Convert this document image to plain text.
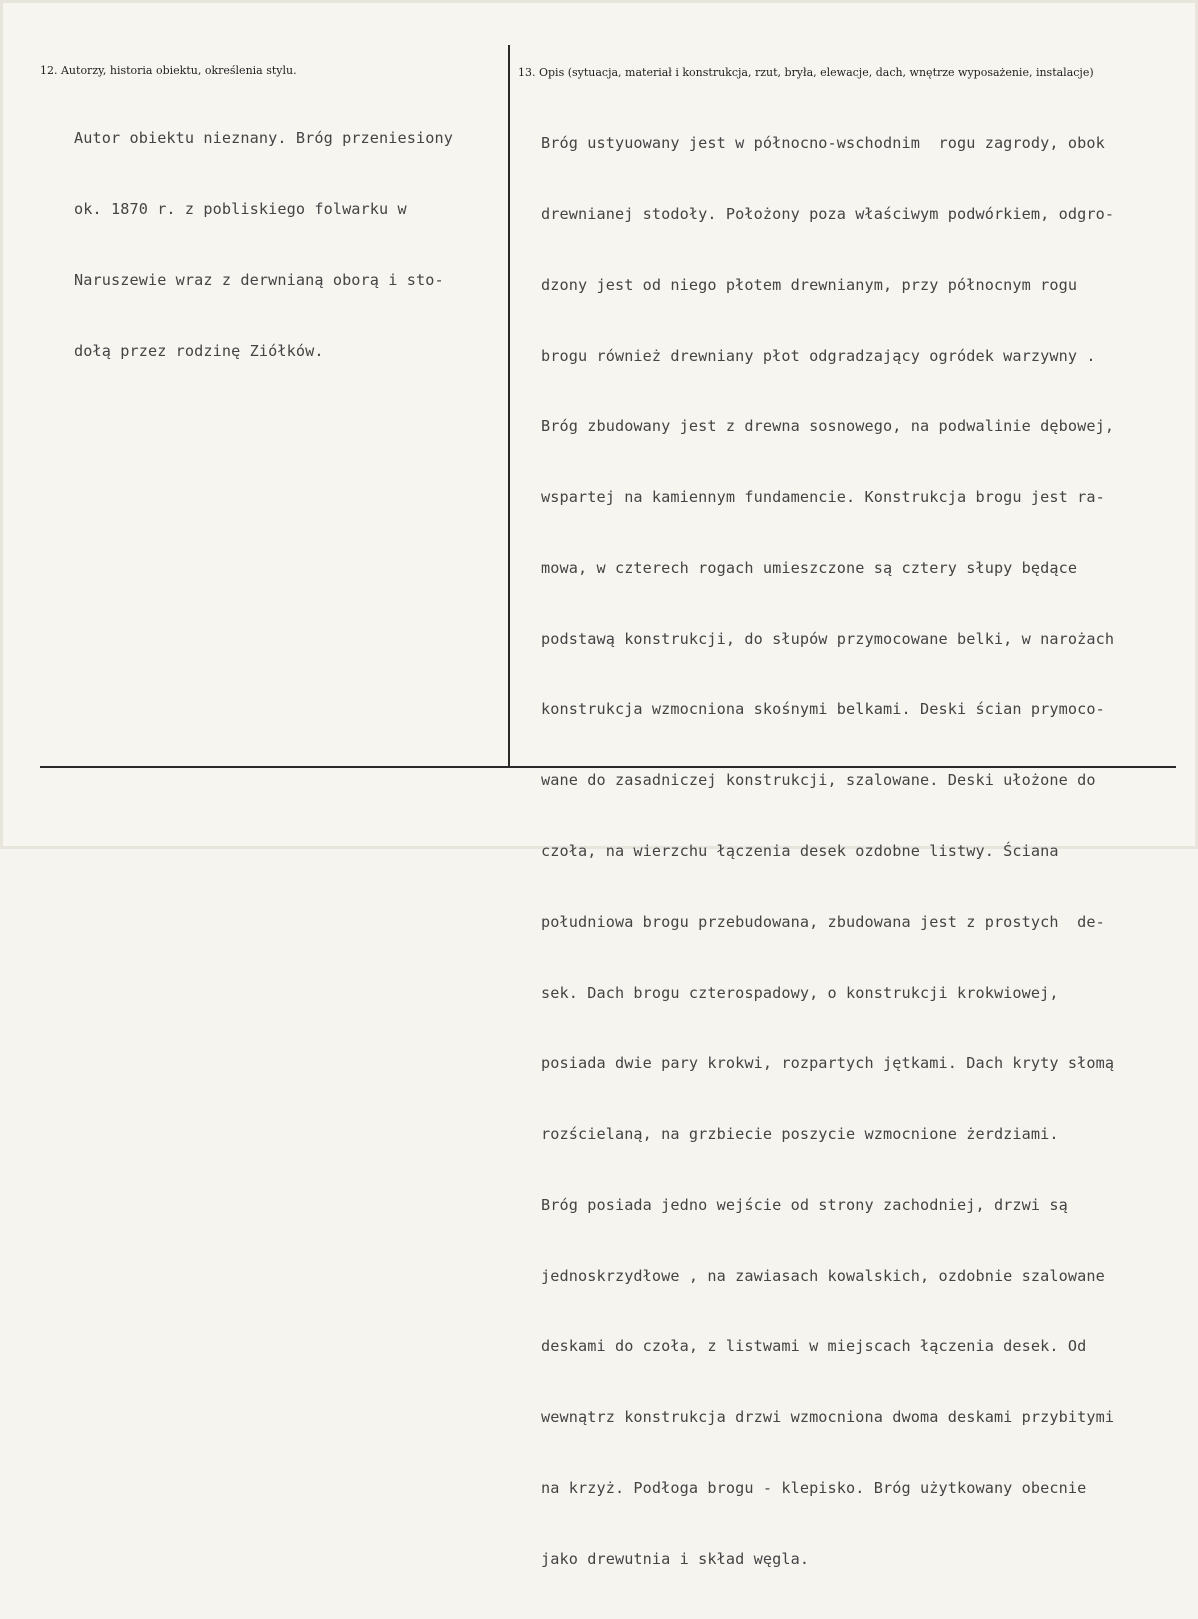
12. Autorzy, historia obiektu, określenia stylu.

Autor obiektu nieznany. Bróg przeniesiony

ok. 1870 r. z pobliskiego folwarku w

Naruszewie wraz z derwnianą oborą i sto-

dołą przez rodzinę Ziółków.

13. Opis (sytuacja, materiał i konstrukcja, rzut, bryła, elewacje, dach, wnętrze wyposażenie, instalacje)

Bróg ustyuowany jest w północno-wschodnim  rogu zagrody, obok

drewnianej stodoły. Położony poza właściwym podwórkiem, odgro-

dzony jest od niego płotem drewnianym, przy północnym rogu

brogu również drewniany płot odgradzający ogródek warzywny .

Bróg zbudowany jest z drewna sosnowego, na podwalinie dębowej,

wspartej na kamiennym fundamencie. Konstrukcja brogu jest ra-

mowa, w czterech rogach umieszczone są cztery słupy będące

podstawą konstrukcji, do słupów przymocowane belki, w narożach

konstrukcja wzmocniona skośnymi belkami. Deski ścian prymoco-

wane do zasadniczej konstrukcji, szalowane. Deski ułożone do

czoła, na wierzchu łączenia desek ozdobne listwy. Ściana

południowa brogu przebudowana, zbudowana jest z prostych  de-

sek. Dach brogu czterospadowy, o konstrukcji krokwiowej,

posiada dwie pary krokwi, rozpartych jętkami. Dach kryty słomą

rozścielaną, na grzbiecie poszycie wzmocnione żerdziami.

Bróg posiada jedno wejście od strony zachodniej, drzwi są

jednoskrzydłowe , na zawiasach kowalskich, ozdobnie szalowane

deskami do czoła, z listwami w miejscach łączenia desek. Od

wewnątrz konstrukcja drzwi wzmocniona dwoma deskami przybitymi

na krzyż. Podłoga brogu - klepisko. Bróg użytkowany obecnie

jako drewutnia i skład węgla.
